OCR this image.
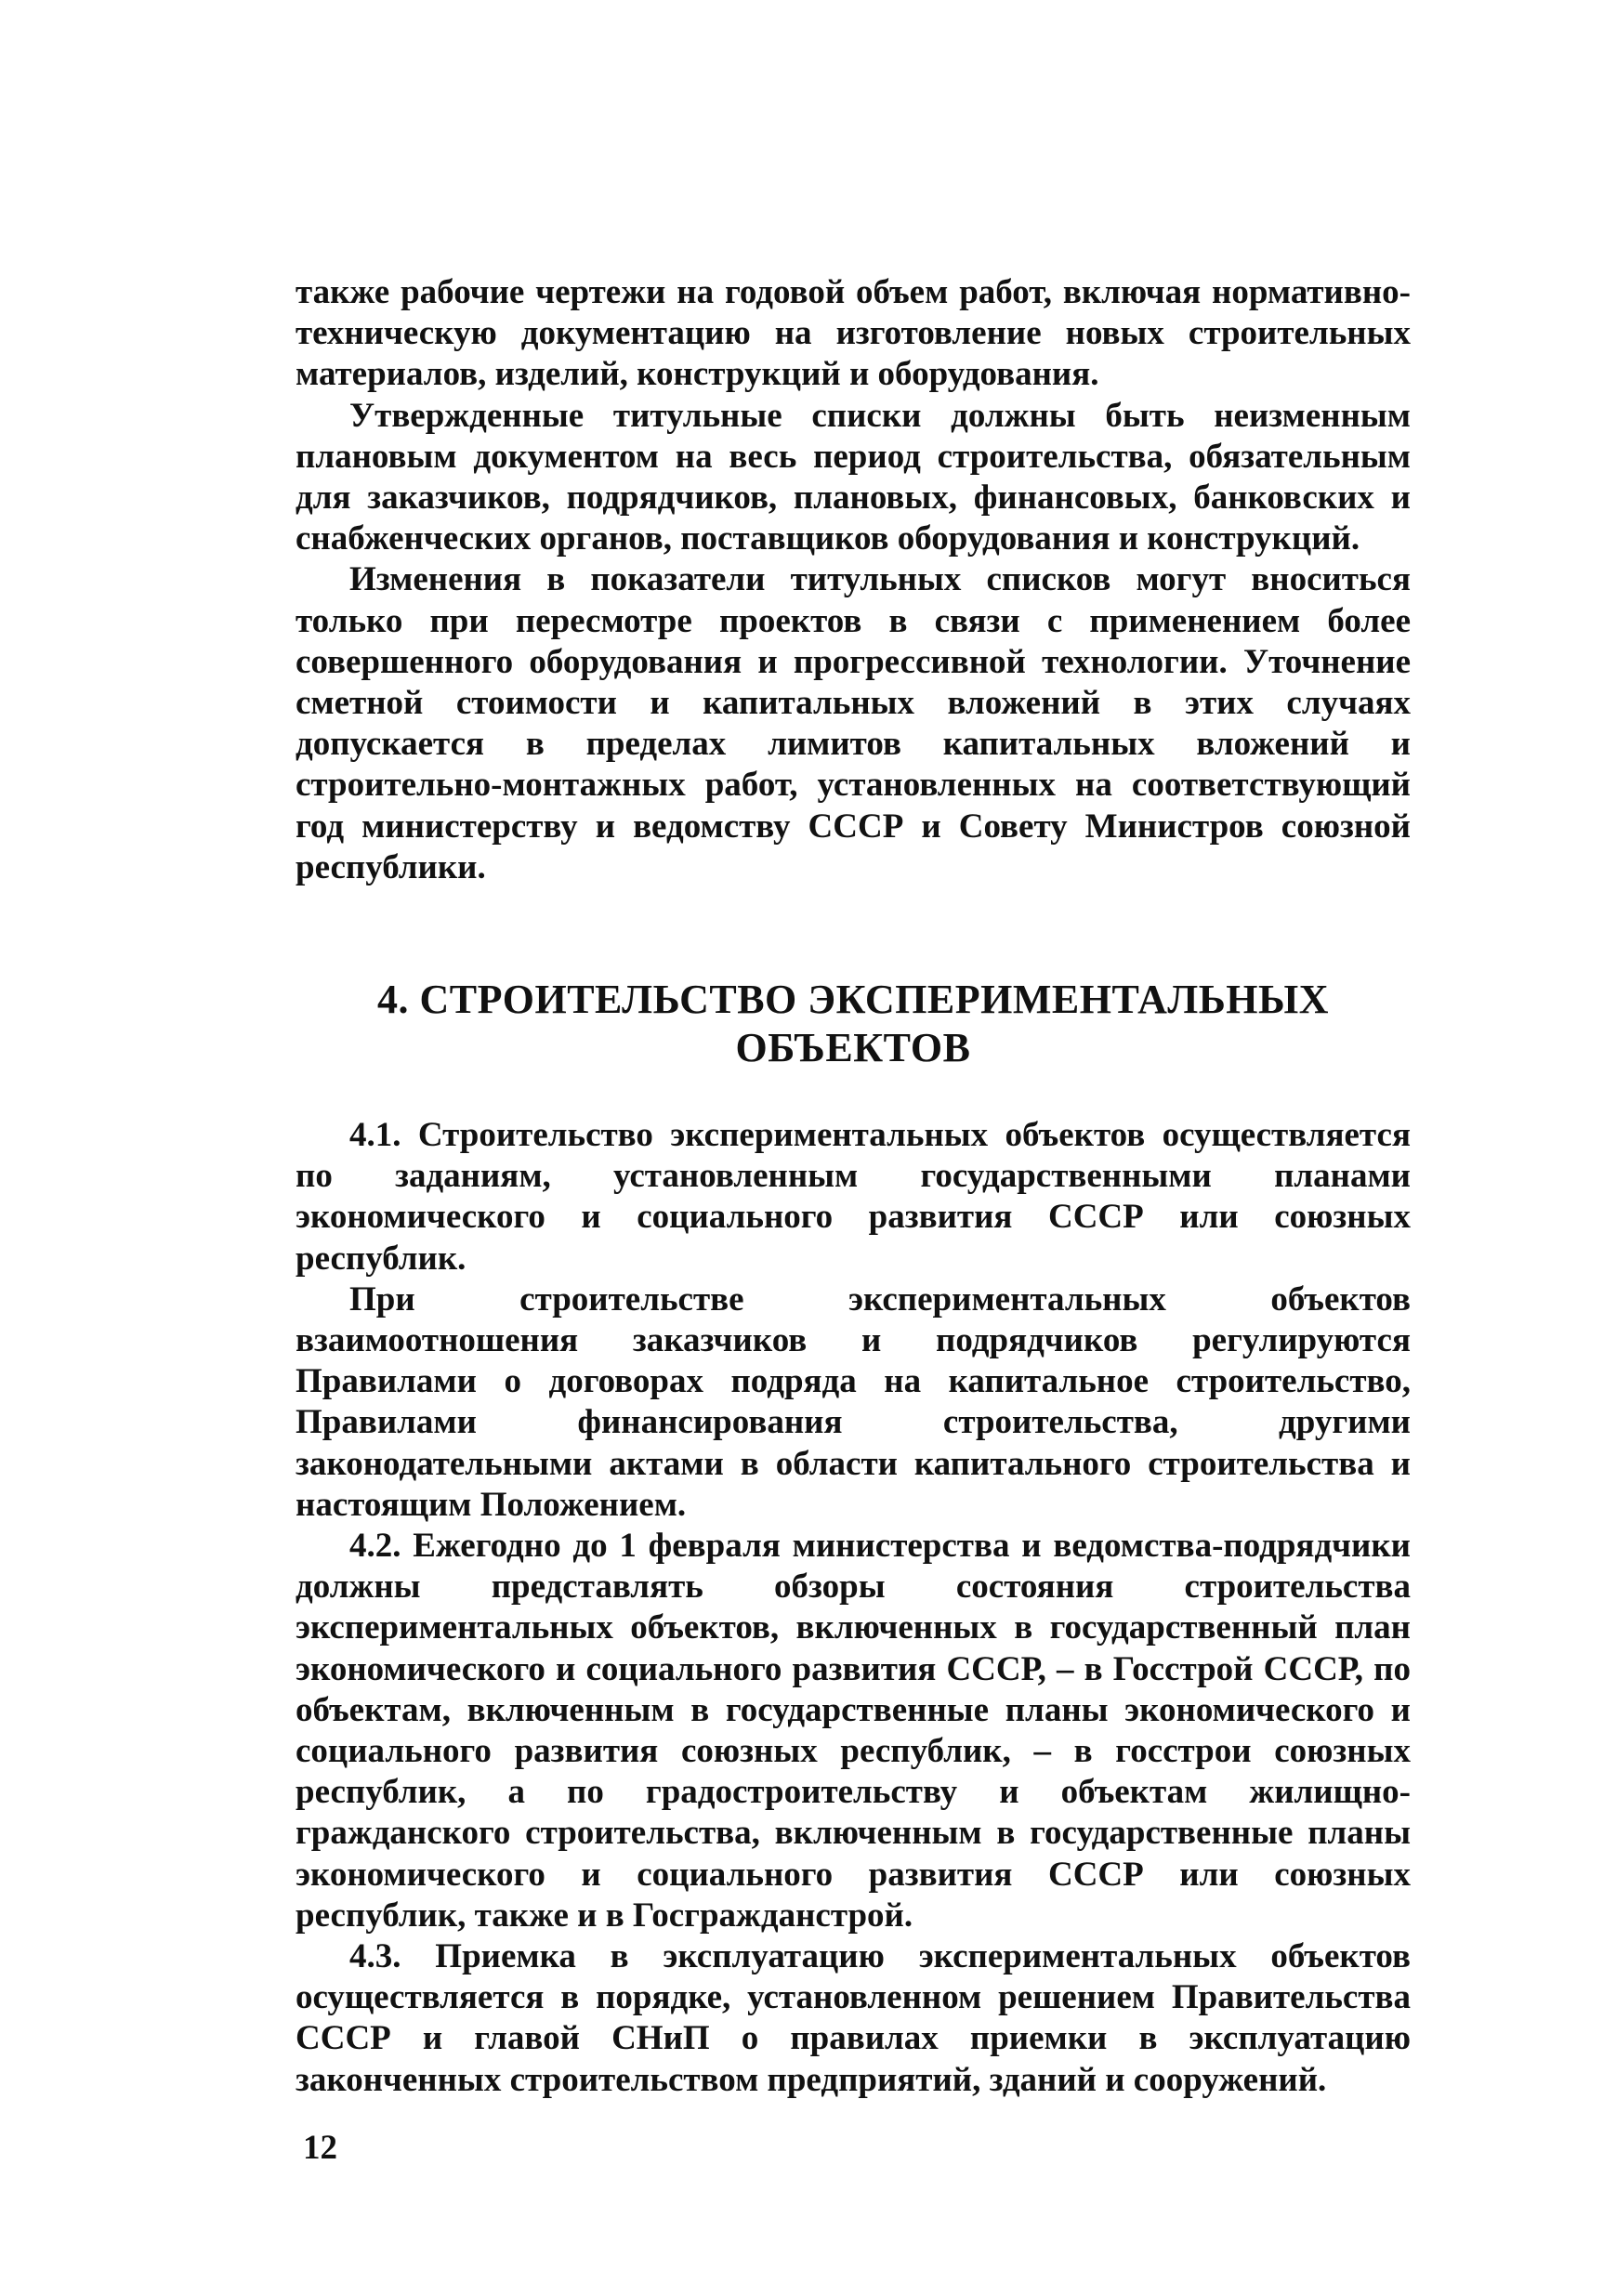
также рабочие чертежи на годовой объем работ, включая нормативно-техническую документацию на изготовление новых строительных материалов, изделий, конструкций и оборудования.

Утвержденные титульные списки должны быть неизменным плановым документом на весь период строительства, обязательным для заказчиков, подрядчиков, плановых, финансовых, банковских и снабженческих органов, поставщиков оборудования и конструкций.

Изменения в показатели титульных списков могут вноситься только при пересмотре проектов в связи с применением более совершенного оборудования и прогрессивной технологии. Уточнение сметной стоимости и капитальных вложений в этих случаях допускается в пределах лимитов капитальных вложений и строительно-монтажных работ, установленных на соответствующий год министерству и ведомству СССР и Совету Министров союзной республики.

4. СТРОИТЕЛЬСТВО ЭКСПЕРИМЕНТАЛЬНЫХ
ОБЪЕКТОВ

4.1. Строительство экспериментальных объектов осуществляется по заданиям, установленным государственными планами экономического и социального развития СССР или союзных республик.

При строительстве экспериментальных объектов взаимоотношения заказчиков и подрядчиков регулируются Правилами о договорах подряда на капитальное строительство, Правилами финансирования строительства, другими законодательными актами в области капитального строительства и настоящим Положением.

4.2. Ежегодно до 1 февраля министерства и ведомства-подрядчики должны представлять обзоры состояния строительства экспериментальных объектов, включенных в государственный план экономического и социального развития СССР, – в Госстрой СССР, по объектам, включенным в государственные планы экономического и социального развития союзных республик, – в госстрои союзных республик, а по градостроительству и объектам жилищно-гражданского строительства, включенным в государственные планы экономического и социального развития СССР или союзных республик, также и в Госгражданстрой.

4.3. Приемка в эксплуатацию экспериментальных объектов осуществляется в порядке, установленном решением Правительства СССР и главой СНиП о правилах приемки в эксплуатацию законченных строительством предприятий, зданий и сооружений.

12
